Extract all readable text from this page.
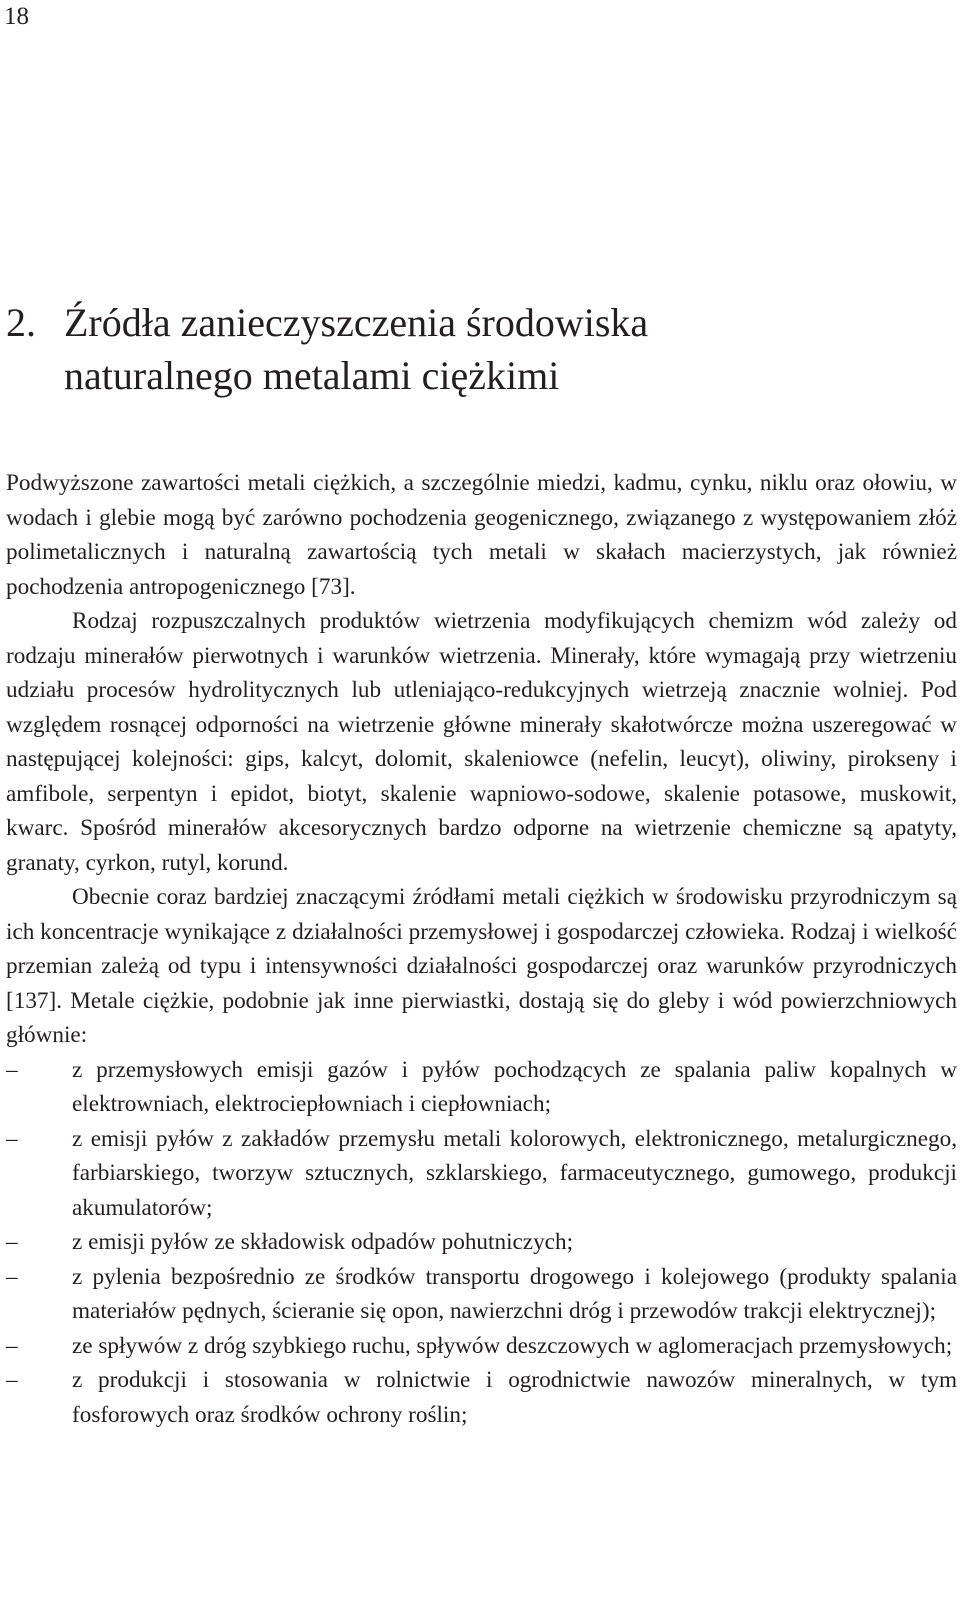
18
2. Źródła zanieczyszczenia środowiska
naturalnego metalami ciężkimi

Podwyższone zawartości metali ciężkich, a szczególnie miedzi, kadmu, cynku, niklu oraz ołowiu, w wodach i glebie mogą być zarówno pochodzenia geogenicznego, związanego z występowaniem złóż polimetalicznych i naturalną zawartością tych metali w skałach macierzystych, jak również pochodzenia antropogenicznego [73].

Rodzaj rozpuszczalnych produktów wietrzenia modyfikujących chemizm wód zależy od rodzaju minerałów pierwotnych i warunków wietrzenia. Minerały, które wymagają przy wietrzeniu udziału procesów hydrolitycznych lub utleniająco-redukcyjnych wietrzeją znacznie wolniej. Pod względem rosnącej odporności na wietrzenie główne minerały skałotwórcze można uszeregować w następującej kolejności: gips, kalcyt, dolomit, skaleniowce (nefelin, leucyt), oliwiny, pirokseny i amfibole, serpentyn i epidot, biotyt, skalenie wapniowo-sodowe, skalenie potasowe, muskowit, kwarc. Spośród minerałów akcesorycznych bardzo odporne na wietrzenie chemiczne są apatyty, granaty, cyrkon, rutyl, korund.

Obecnie coraz bardziej znaczącymi źródłami metali ciężkich w środowisku przyrodniczym są ich koncentracje wynikające z działalności przemysłowej i gospodarczej człowieka. Rodzaj i wielkość przemian zależą od typu i intensywności działalności gospodarczej oraz warunków przyrodniczych [137]. Metale ciężkie, podobnie jak inne pierwiastki, dostają się do gleby i wód powierzchniowych głównie:

– z przemysłowych emisji gazów i pyłów pochodzących ze spalania paliw kopalnych w elektrowniach, elektrociepłowniach i ciepłowniach;
– z emisji pyłów z zakładów przemysłu metali kolorowych, elektronicznego, metalurgicznego, farbiarskiego, tworzyw sztucznych, szklarskiego, farmaceutycznego, gumowego, produkcji akumulatorów;
– z emisji pyłów ze składowisk odpadów pohutniczych;
– z pylenia bezpośrednio ze środków transportu drogowego i kolejowego (produkty spalania materiałów pędnych, ścieranie się opon, nawierzchni dróg i przewodów trakcji elektrycznej);
– ze spływów z dróg szybkiego ruchu, spływów deszczowych w aglomeracjach przemysłowych;
– z produkcji i stosowania w rolnictwie i ogrodnictwie nawozów mineralnych, w tym fosforowych oraz środków ochrony roślin;
